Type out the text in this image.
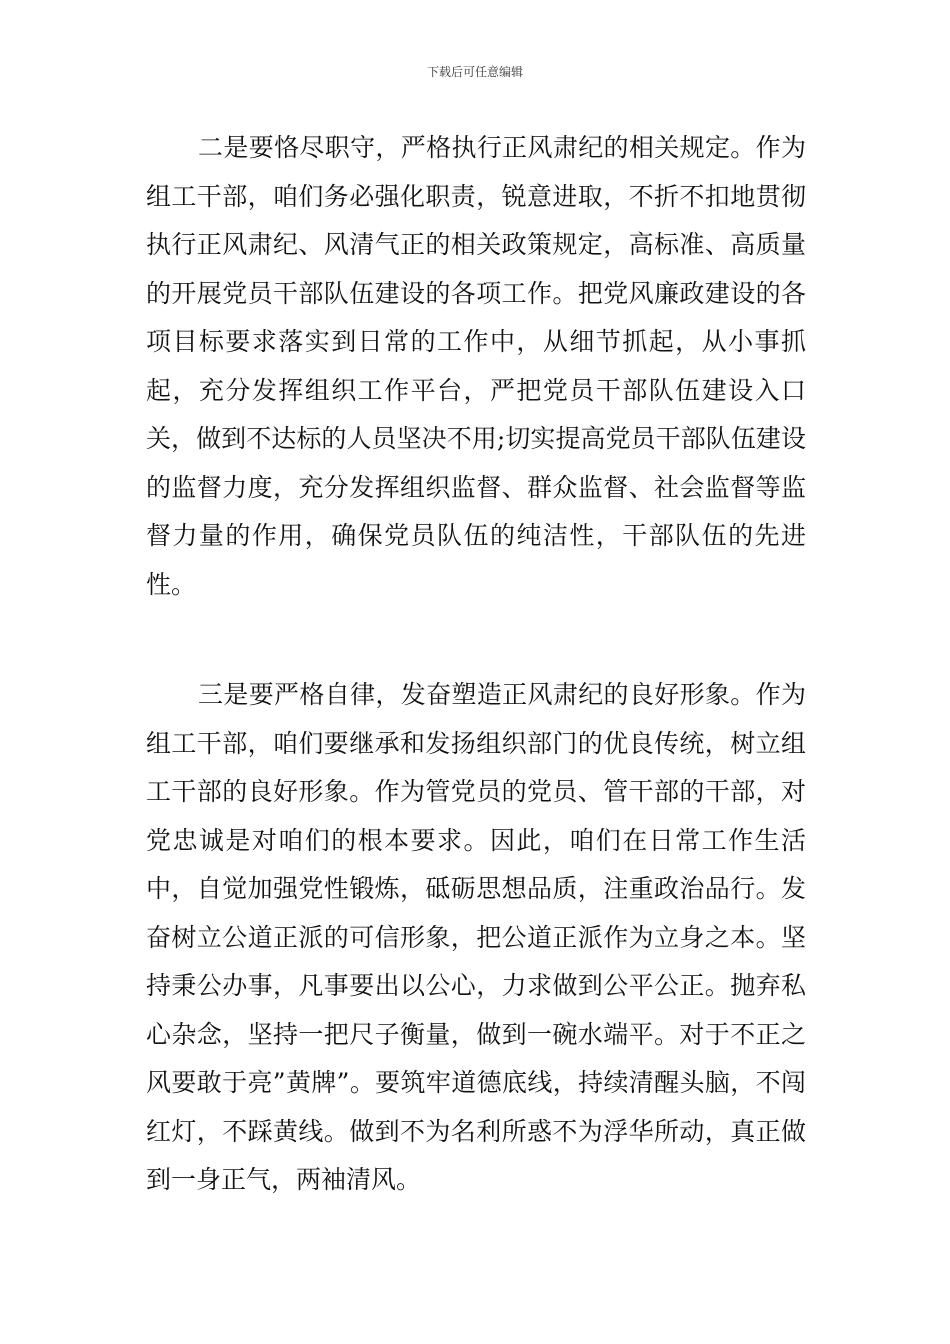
下载后可任意编辑

二是要恪尽职守，严格执行正风肃纪的相关规定。作为组工干部，咱们务必强化职责，锐意进取，不折不扣地贯彻执行正风肃纪、风清气正的相关政策规定，高标准、高质量的开展党员干部队伍建设的各项工作。把党风廉政建设的各项目标要求落实到日常的工作中，从细节抓起，从小事抓起，充分发挥组织工作平台，严把党员干部队伍建设入口关，做到不达标的人员坚决不用;切实提高党员干部队伍建设的监督力度，充分发挥组织监督、群众监督、社会监督等监督力量的作用，确保党员队伍的纯洁性，干部队伍的先进性。

三是要严格自律，发奋塑造正风肃纪的良好形象。作为组工干部，咱们要继承和发扬组织部门的优良传统，树立组工干部的良好形象。作为管党员的党员、管干部的干部，对党忠诚是对咱们的根本要求。因此，咱们在日常工作生活中，自觉加强党性锻炼，砥砺思想品质，注重政治品行。发奋树立公道正派的可信形象，把公道正派作为立身之本。坚持秉公办事，凡事要出以公心，力求做到公平公正。抛弃私心杂念，坚持一把尺子衡量，做到一碗水端平。对于不正之风要敢于亮”黄牌”。要筑牢道德底线，持续清醒头脑，不闯红灯，不踩黄线。做到不为名利所惑不为浮华所动，真正做到一身正气，两袖清风。
